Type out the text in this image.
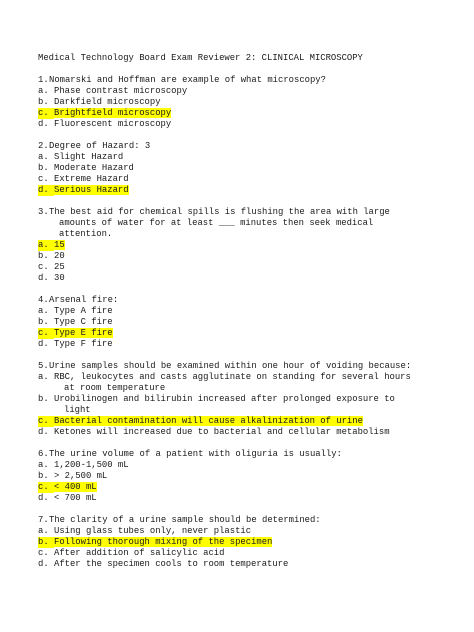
Medical Technology Board Exam Reviewer 2: CLINICAL MICROSCOPY
1. Nomarski and Hoffman are example of what microscopy?
a. Phase contrast microscopy
b. Darkfield microscopy
c. Brightfield microscopy
d. Fluorescent microscopy
2. Degree of Hazard: 3
a. Slight Hazard
b. Moderate Hazard
c. Extreme Hazard
d. Serious Hazard
3. The best aid for chemical spills is flushing the area with large
amounts of water for at least ___ minutes then seek medical
attention.
a. 15
b. 20
c. 25
d. 30
4. Arsenal fire:
a. Type A fire
b. Type C fire
c. Type E fire
d. Type F fire
5. Urine samples should be examined within one hour of voiding because:
a. RBC, leukocytes and casts agglutinate on standing for several hours
at room temperature
b. Urobilinogen and bilirubin increased after prolonged exposure to
light
c. Bacterial contamination will cause alkalinization of urine
d. Ketones will increased due to bacterial and cellular metabolism
6. The urine volume of a patient with oliguria is usually:
a. 1,200-1,500 mL
b. > 2,500 mL
c. < 400 mL
d. < 700 mL
7. The clarity of a urine sample should be determined:
a. Using glass tubes only, never plastic
b. Following thorough mixing of the specimen
c. After addition of salicylic acid
d. After the specimen cools to room temperature
